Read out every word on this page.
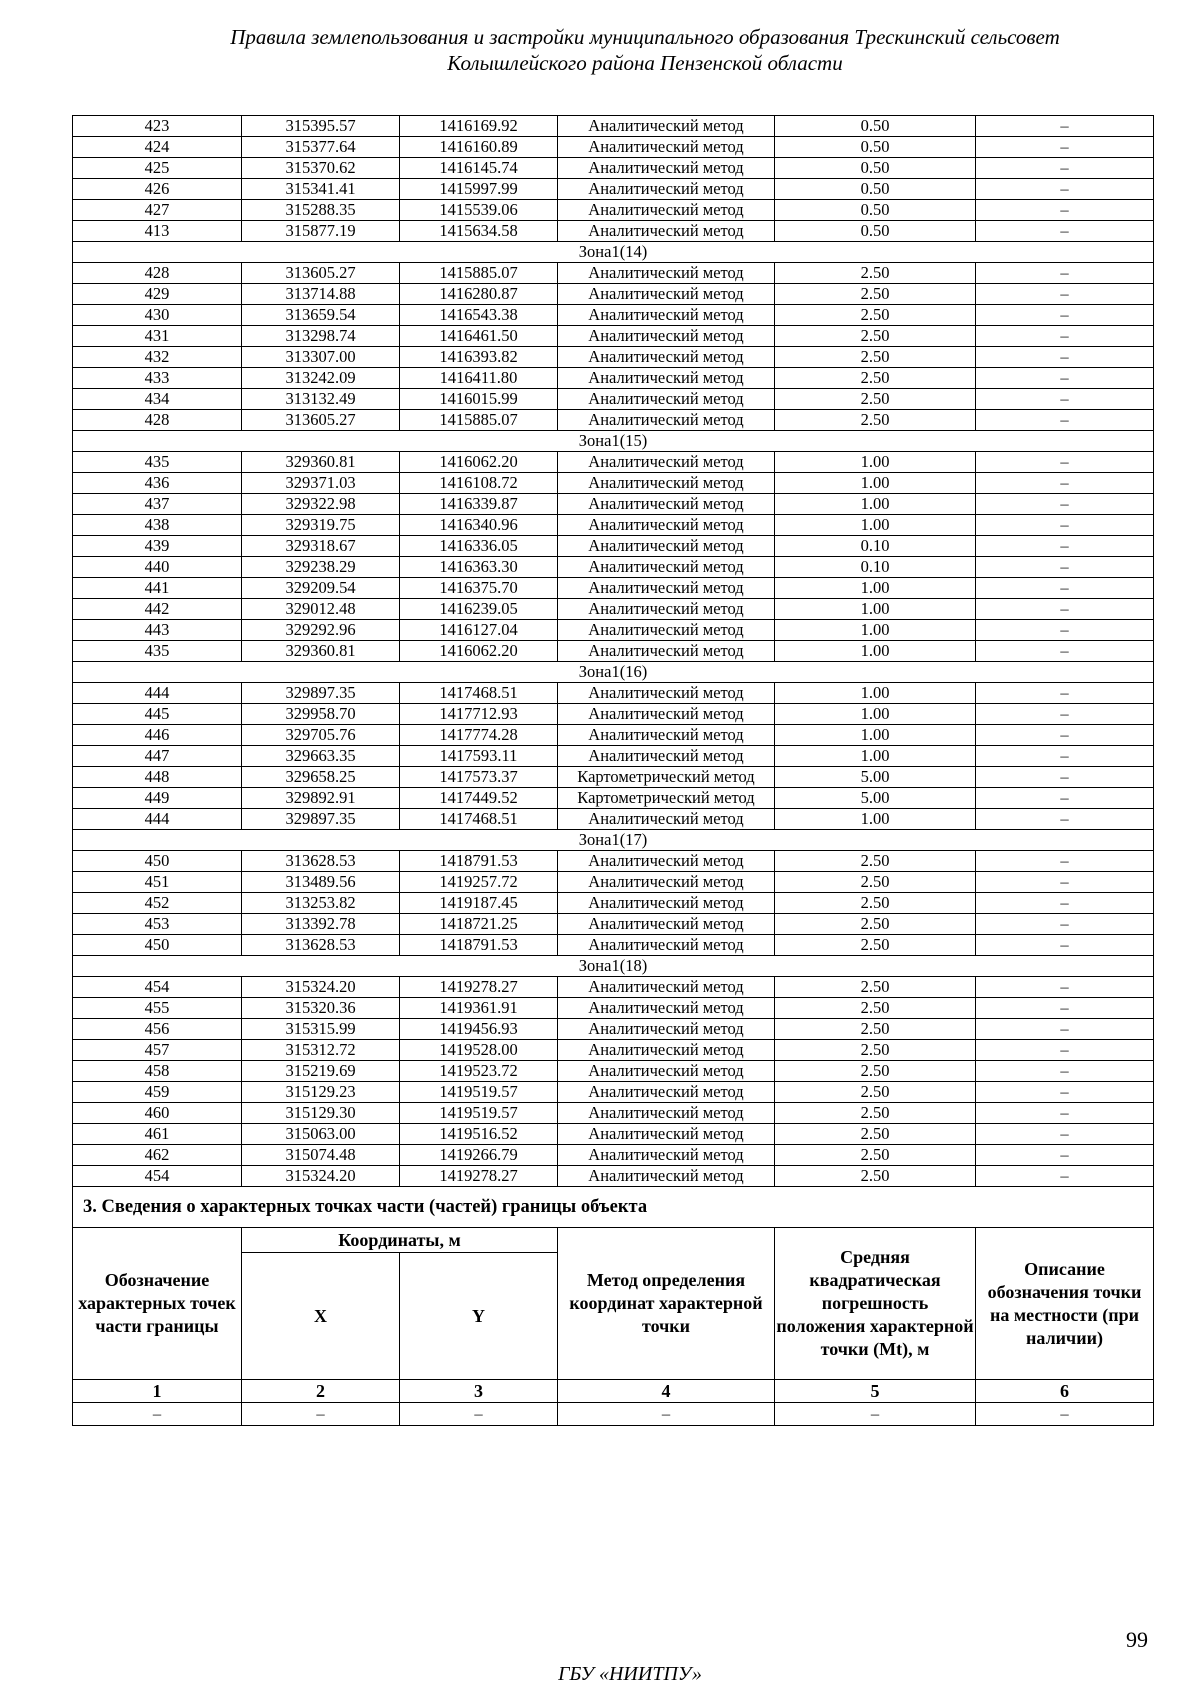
Правила землепользования и застройки муниципального образования Трескинский сельсовет
Колышлейского района Пензенской области
423	315395.57	1416169.92	Аналитический метод	0.50	–
424	315377.64	1416160.89	Аналитический метод	0.50	–
425	315370.62	1416145.74	Аналитический метод	0.50	–
426	315341.41	1415997.99	Аналитический метод	0.50	–
427	315288.35	1415539.06	Аналитический метод	0.50	–
413	315877.19	1415634.58	Аналитический метод	0.50	–
Зона1(14)					
428	313605.27	1415885.07	Аналитический метод	2.50	–
429	313714.88	1416280.87	Аналитический метод	2.50	–
430	313659.54	1416543.38	Аналитический метод	2.50	–
431	313298.74	1416461.50	Аналитический метод	2.50	–
432	313307.00	1416393.82	Аналитический метод	2.50	–
433	313242.09	1416411.80	Аналитический метод	2.50	–
434	313132.49	1416015.99	Аналитический метод	2.50	–
428	313605.27	1415885.07	Аналитический метод	2.50	–
Зона1(15)					
435	329360.81	1416062.20	Аналитический метод	1.00	–
436	329371.03	1416108.72	Аналитический метод	1.00	–
437	329322.98	1416339.87	Аналитический метод	1.00	–
438	329319.75	1416340.96	Аналитический метод	1.00	–
439	329318.67	1416336.05	Аналитический метод	0.10	–
440	329238.29	1416363.30	Аналитический метод	0.10	–
441	329209.54	1416375.70	Аналитический метод	1.00	–
442	329012.48	1416239.05	Аналитический метод	1.00	–
443	329292.96	1416127.04	Аналитический метод	1.00	–
435	329360.81	1416062.20	Аналитический метод	1.00	–
Зона1(16)					
444	329897.35	1417468.51	Аналитический метод	1.00	–
445	329958.70	1417712.93	Аналитический метод	1.00	–
446	329705.76	1417774.28	Аналитический метод	1.00	–
447	329663.35	1417593.11	Аналитический метод	1.00	–
448	329658.25	1417573.37	Картометрический метод	5.00	–
449	329892.91	1417449.52	Картометрический метод	5.00	–
444	329897.35	1417468.51	Аналитический метод	1.00	–
Зона1(17)					
450	313628.53	1418791.53	Аналитический метод	2.50	–
451	313489.56	1419257.72	Аналитический метод	2.50	–
452	313253.82	1419187.45	Аналитический метод	2.50	–
453	313392.78	1418721.25	Аналитический метод	2.50	–
450	313628.53	1418791.53	Аналитический метод	2.50	–
Зона1(18)					
454	315324.20	1419278.27	Аналитический метод	2.50	–
455	315320.36	1419361.91	Аналитический метод	2.50	–
456	315315.99	1419456.93	Аналитический метод	2.50	–
457	315312.72	1419528.00	Аналитический метод	2.50	–
458	315219.69	1419523.72	Аналитический метод	2.50	–
459	315129.23	1419519.57	Аналитический метод	2.50	–
460	315129.30	1419519.57	Аналитический метод	2.50	–
461	315063.00	1419516.52	Аналитический метод	2.50	–
462	315074.48	1419266.79	Аналитический метод	2.50	–
454	315324.20	1419278.27	Аналитический метод	2.50	–
3. Сведения о характерных точках части (частей) границы объекта					
Обозначение характерных точек части границы	Координаты, м		Метод определения координат характерной точки	Средняя квадратическая погрешность положения характерной точки (Mt), м	Описание обозначения точки на местности (при наличии)
	X	Y			
1	2	3	4	5	6
–	–	–	–	–	–
99
ГБУ «НИИТПУ»
